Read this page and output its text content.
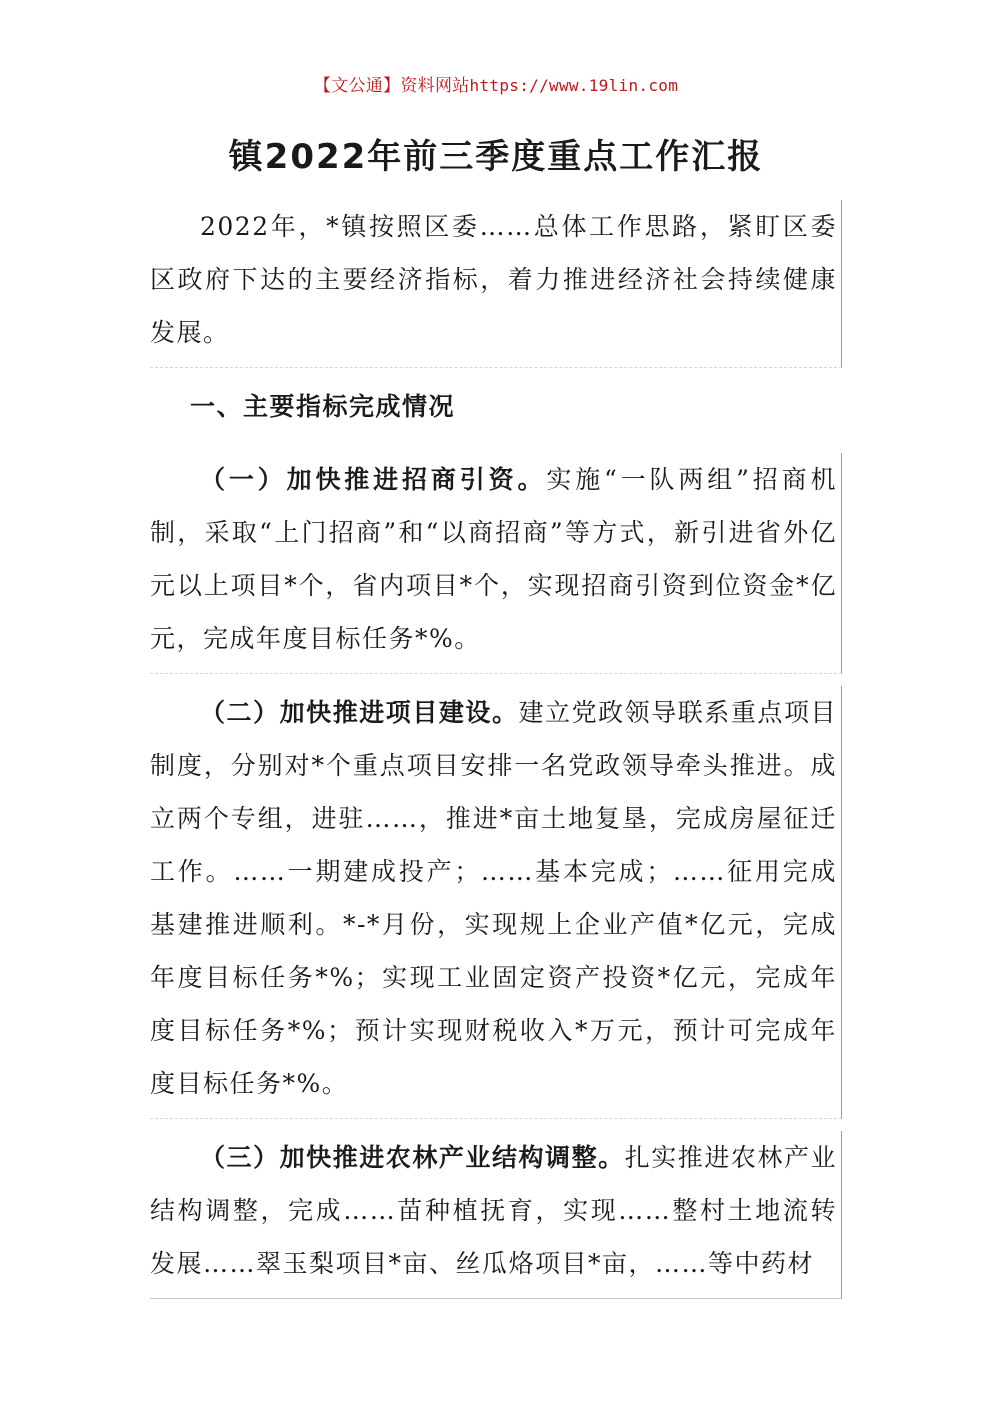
【文公通】资料网站https://www.19lin.com
镇2022年前三季度重点工作汇报

2022年，*镇按照区委……总体工作思路，紧盯区委区政府下达的主要经济指标，着力推进经济社会持续健康发展。

一、主要指标完成情况

（一）加快推进招商引资。实施“一队两组”招商机制，采取“上门招商”和“以商招商”等方式，新引进省外亿元以上项目*个，省内项目*个，实现招商引资到位资金*亿元，完成年度目标任务*%。

（二）加快推进项目建设。建立党政领导联系重点项目制度，分别对*个重点项目安排一名党政领导牵头推进。成立两个专组，进驻……，推进*亩土地复垦，完成房屋征迁工作。……一期建成投产；……基本完成；……征用完成基建推进顺利。*-*月份，实现规上企业产值*亿元，完成年度目标任务*%；实现工业固定资产投资*亿元，完成年度目标任务*%；预计实现财税收入*万元，预计可完成年度目标任务*%。

（三）加快推进农林产业结构调整。扎实推进农林产业结构调整，完成……苗种植抚育，实现……整村土地流转发展……翠玉梨项目*亩、丝瓜烙项目*亩，……等中药材
